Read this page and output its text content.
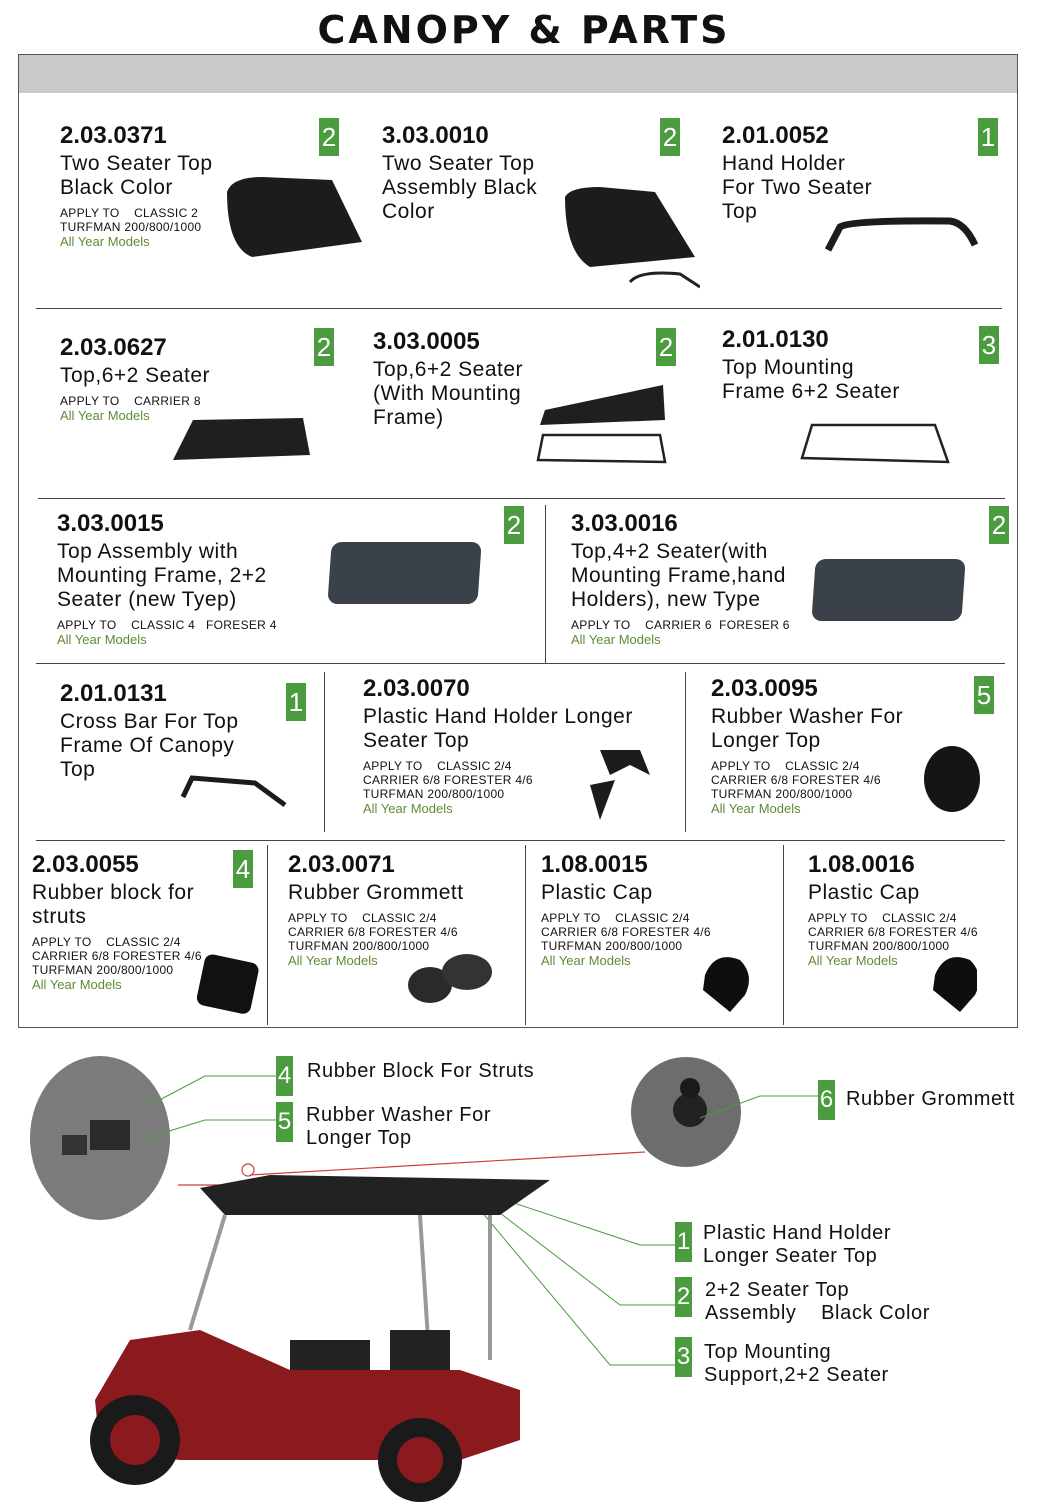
CANOPY & PARTS
2.03.0371
Two Seater Top
Black Color
APPLY TO    CLASSIC 2
TURFMAN 200/800/1000
All Year Models
2 3.03.0010
Two Seater Top
Assembly Black
Color
2 2.01.0052
Hand Holder
For Two Seater
Top
1
2.03.0627
Top,6+2 Seater
APPLY TO    CARRIER 8
All Year Models
2 3.03.0005
Top,6+2 Seater
(With Mounting
Frame)
2 2.01.0130
Top Mounting
Frame 6+2 Seater
3
3.03.0015
Top Assembly with
Mounting Frame, 2+2
Seater (new Tyep)
APPLY TO    CLASSIC 4   FORESER 4
All Year Models
2 3.03.0016
Top,4+2 Seater(with
Mounting Frame,hand
Holders), new Type
APPLY TO    CARRIER 6  FORESER 6
All Year Models
2
2.01.0131
Cross Bar For Top
Frame Of Canopy
Top
1 2.03.0070
Plastic Hand Holder Longer
Seater Top
APPLY TO    CLASSIC 2/4
CARRIER 6/8 FORESTER 4/6
TURFMAN 200/800/1000
All Year Models
2.03.0095
Rubber Washer For
Longer Top
APPLY TO    CLASSIC 2/4
CARRIER 6/8 FORESTER 4/6
TURFMAN 200/800/1000
All Year Models
5
2.03.0055
Rubber block for
struts
APPLY TO    CLASSIC 2/4
CARRIER 6/8 FORESTER 4/6
TURFMAN 200/800/1000
All Year Models
4 2.03.0071
Rubber Grommett
APPLY TO    CLASSIC 2/4
CARRIER 6/8 FORESTER 4/6
TURFMAN 200/800/1000
All Year Models
1.08.0015
Plastic Cap
APPLY TO    CLASSIC 2/4
CARRIER 6/8 FORESTER 4/6
TURFMAN 200/800/1000
All Year Models
1.08.0016
Plastic Cap
APPLY TO    CLASSIC 2/4
CARRIER 6/8 FORESTER 4/6
TURFMAN 200/800/1000
All Year Models
4 Rubber Block For Struts
5 Rubber Washer For
Longer Top
6 Rubber Grommett
1 Plastic Hand Holder
Longer Seater Top
2 2+2 Seater Top
Assembly    Black Color
3 Top Mounting
Support,2+2 Seater
